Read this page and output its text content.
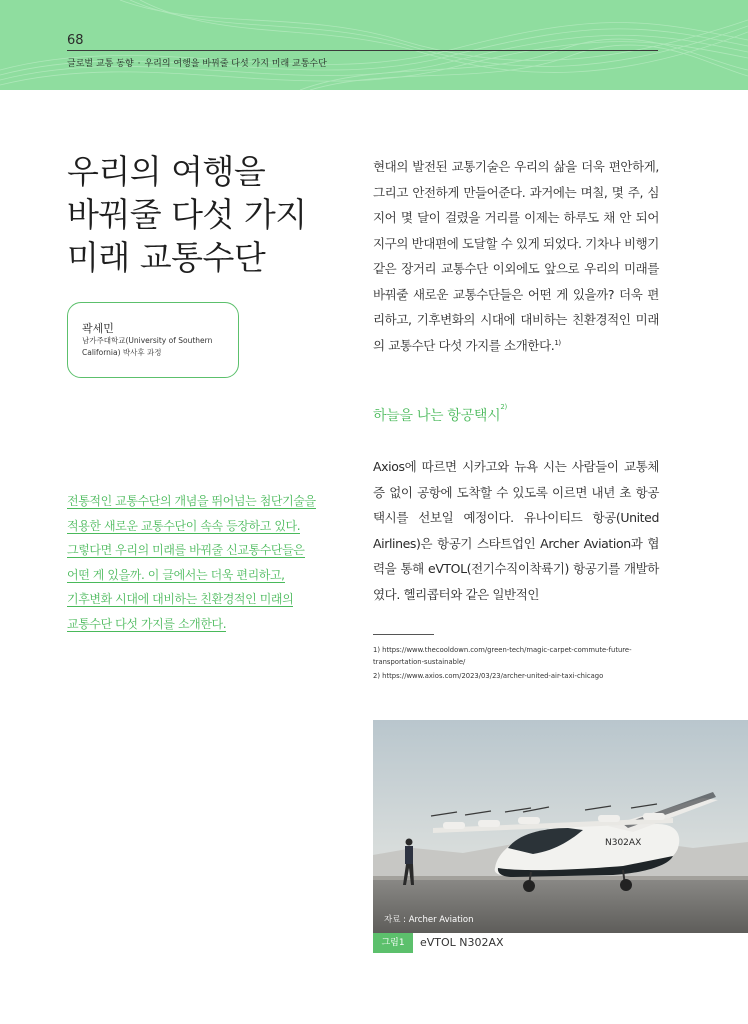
68
글로벌 교통 동향 · 우리의 여행을 바꿔줄 다섯 가지 미래 교통수단
우리의 여행을
바꿔줄 다섯 가지
미래 교통수단
곽세민
남가주대학교(University of Southern California) 박사후 과정
전통적인 교통수단의 개념을 뛰어넘는 첨단기술을
적용한 새로운 교통수단이 속속 등장하고 있다.
그렇다면 우리의 미래를 바꿔줄 신교통수단들은
어떤 게 있을까. 이 글에서는 더욱 편리하고,
기후변화 시대에 대비하는 친환경적인 미래의
교통수단 다섯 가지를 소개한다.
현대의 발전된 교통기술은 우리의 삶을 더욱 편안하게, 그리고 안전하게 만들어준다. 과거에는 며칠, 몇 주, 심지어 몇 달이 걸렸을 거리를 이제는 하루도 채 안 되어 지구의 반대편에 도달할 수 있게 되었다. 기차나 비행기 같은 장거리 교통수단 이외에도 앞으로 우리의 미래를 바꿔줄 새로운 교통수단들은 어떤 게 있을까? 더욱 편리하고, 기후변화의 시대에 대비하는 친환경적인 미래의 교통수단 다섯 가지를 소개한다.$^{1)}$
하늘을 나는 항공택시$^{2)}$
Axios에 따르면 시카고와 뉴욕 시는 사람들이 교통체증 없이 공항에 도착할 수 있도록 이르면 내년 초 항공 택시를 선보일 예정이다. 유나이티드 항공(United Airlines)은 항공기 스타트업인 Archer Aviation과 협력을 통해 eVTOL(전기수직이착륙기) 항공기를 개발하였다. 헬리콥터와 같은 일반적인
1) https://www.thecooldown.com/green-tech/magic-carpet-commute-future-transportation-sustainable/
2) https://www.axios.com/2023/03/23/archer-united-air-taxi-chicago
N302AX
자료 : Archer Aviation
그림1	eVTOL N302AX
